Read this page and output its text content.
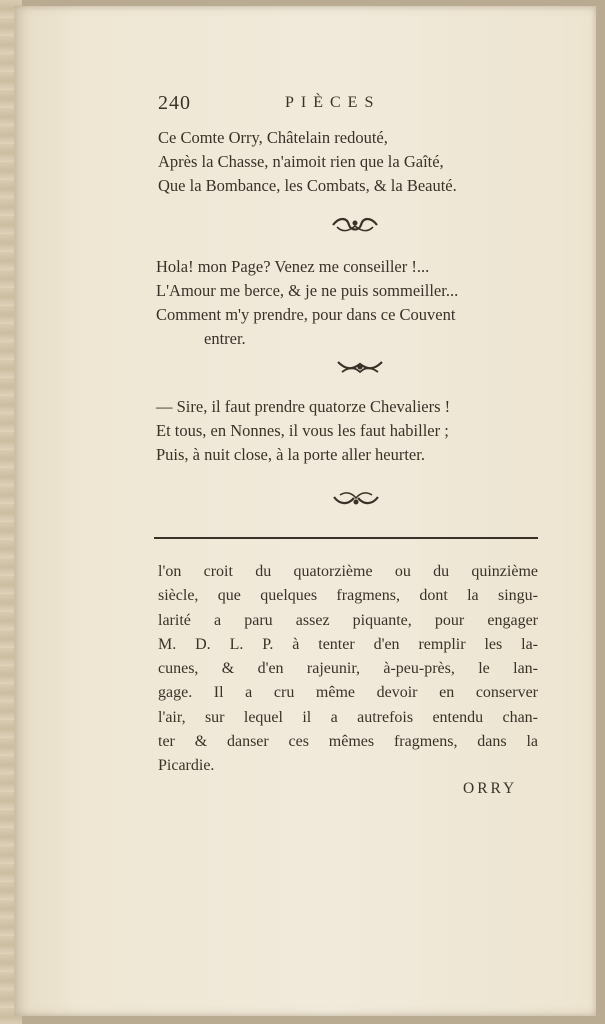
240	PIÈCES
Ce Comte Orry, Châtelain redouté,
Après la Chasse, n'aimoit rien que la Gaîté,
Que la Bombance, les Combats, & la Beauté.
Hola! mon Page? Venez me conseiller !...
L'Amour me berce, & je ne puis sommeiller...
Comment m'y prendre, pour dans ce Couvent
entrer.
— Sire, il faut prendre quatorze Chevaliers !
Et tous, en Nonnes, il vous les faut habiller ;
Puis, à nuit close, à la porte aller heurter.
l'on croit du quatorzième ou du quinzième
siècle, que quelques fragmens, dont la singu-
larité a paru assez piquante, pour engager
M. D. L. P. à tenter d'en remplir les la-
cunes, & d'en rajeunir, à-peu-près, le lan-
gage. Il a cru même devoir en conserver
l'air, sur lequel il a autrefois entendu chan-
ter & danser ces mêmes fragmens, dans la
Picardie.
ORRY
